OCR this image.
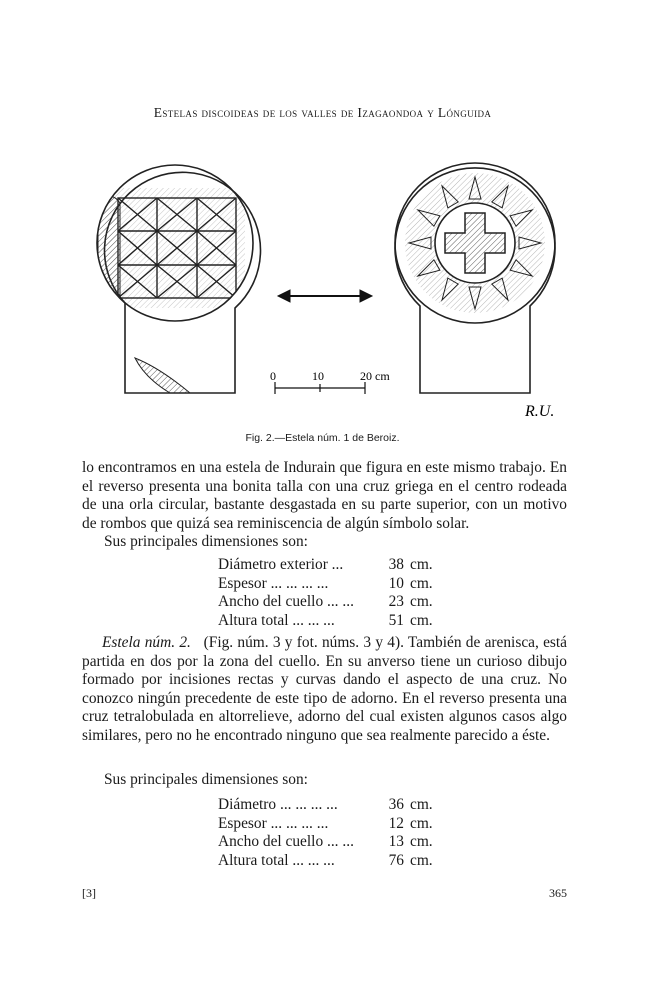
Estelas discoideas de los valles de Izagaondoa y Lónguida
0	10	20 cm
R.U.
Fig. 2.—Estela núm. 1 de Beroiz.

lo encontramos en una estela de Indurain que figura en este mismo trabajo. En el reverso presenta una bonita talla con una cruz griega en el centro rodeada de una orla circular, bastante desgastada en su parte superior, con un motivo de rombos que quizá sea reminiscencia de algún símbolo solar.

Sus principales dimensiones son:

Diámetro exterior ...	38	cm.
Espesor ... ... ... ...	10	cm.
Ancho del cuello ... ...	23	cm.
Altura total ... ... ...	51	cm.

Estela núm. 2. (Fig. núm. 3 y fot. núms. 3 y 4). También de arenisca, está partida en dos por la zona del cuello. En su anverso tiene un curioso dibujo formado por incisiones rectas y curvas dando el aspecto de una cruz. No conozco ningún precedente de este tipo de adorno. En el reverso presenta una cruz tetralobulada en altorrelieve, adorno del cual existen algunos casos algo similares, pero no he encontrado ninguno que sea realmente parecido a éste.

Sus principales dimensiones son:

Diámetro ... ... ... ...	36	cm.
Espesor ... ... ... ...	12	cm.
Ancho del cuello ... ...	13	cm.
Altura total ... ... ...	76	cm.
[3]	365
